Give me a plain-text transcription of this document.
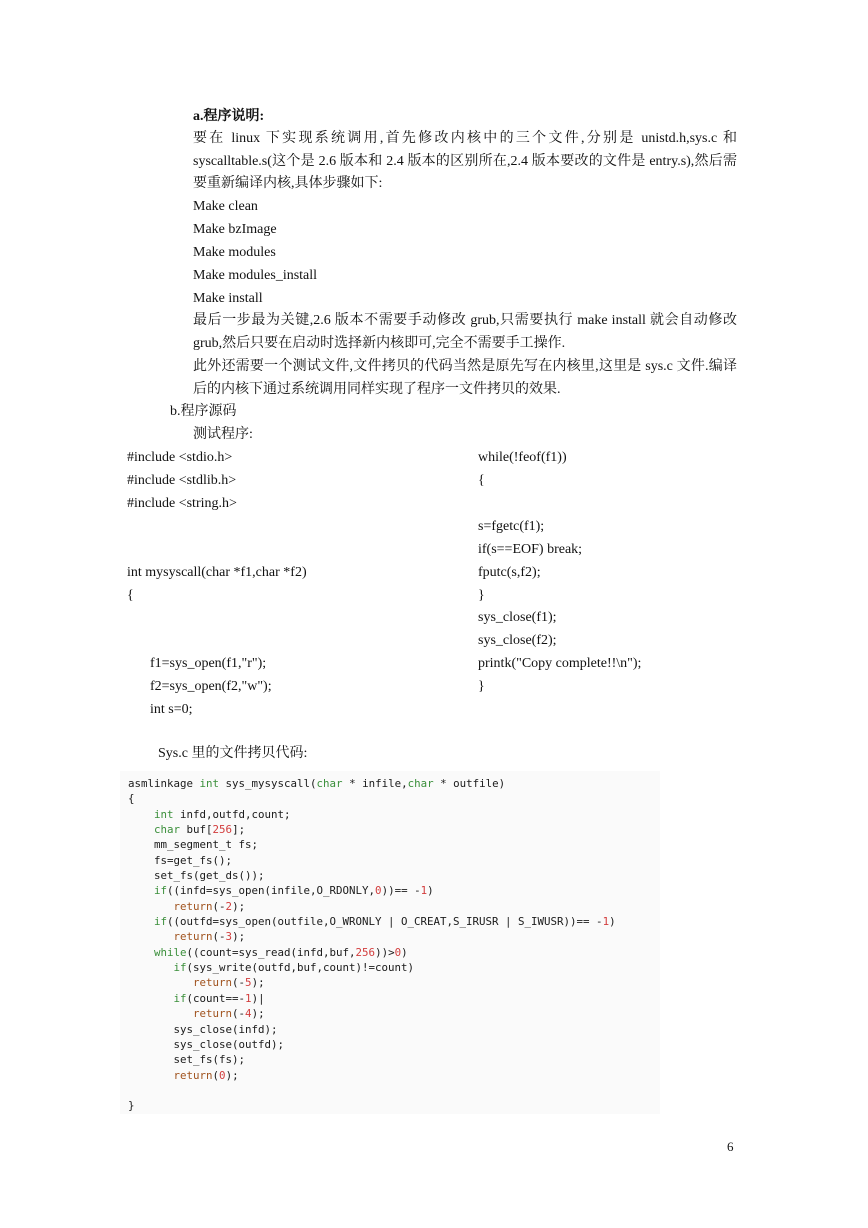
a.程序说明:
要在 linux 下实现系统调用,首先修改内核中的三个文件,分别是 unistd.h,sys.c 和 syscalltable.s(这个是 2.6 版本和 2.4 版本的区别所在,2.4 版本要改的文件是 entry.s),然后需要重新编译内核,具体步骤如下:
Make clean
Make bzImage
Make modules
Make modules_install
Make install
最后一步最为关键,2.6 版本不需要手动修改 grub,只需要执行 make install 就会自动修改 grub,然后只要在启动时选择新内核即可,完全不需要手工操作.
此外还需要一个测试文件,文件拷贝的代码当然是原先写在内核里,这里是 sys.c 文件.编译后的内核下通过系统调用同样实现了程序一文件拷贝的效果.
b.程序源码
测试程序:
#include <stdio.h>
#include <stdlib.h>
#include <string.h>
int mysyscall(char *f1,char *f2)
{
f1=sys_open(f1,"r");
f2=sys_open(f2,"w");
int s=0;
while(!feof(f1))
{
s=fgetc(f1);
if(s==EOF) break;
fputc(s,f2);
}
sys_close(f1);
sys_close(f2);
printk("Copy complete!!\n");
}
Sys.c 里的文件拷贝代码:
asmlinkage int sys_mysyscall(char * infile,char * outfile)
{
int infd,outfd,count;
char buf[256];
mm_segment_t fs;
fs=get_fs();
set_fs(get_ds());
if((infd=sys_open(infile,O_RDONLY,0))== -1)
return(-2);
if((outfd=sys_open(outfile,O_WRONLY | O_CREAT,S_IRUSR | S_IWUSR))== -1)
return(-3);
while((count=sys_read(infd,buf,256))>0)
if(sys_write(outfd,buf,count)!=count)
return(-5);
if(count==-1)|
return(-4);
sys_close(infd);
sys_close(outfd);
set_fs(fs);
return(0);

}
6
